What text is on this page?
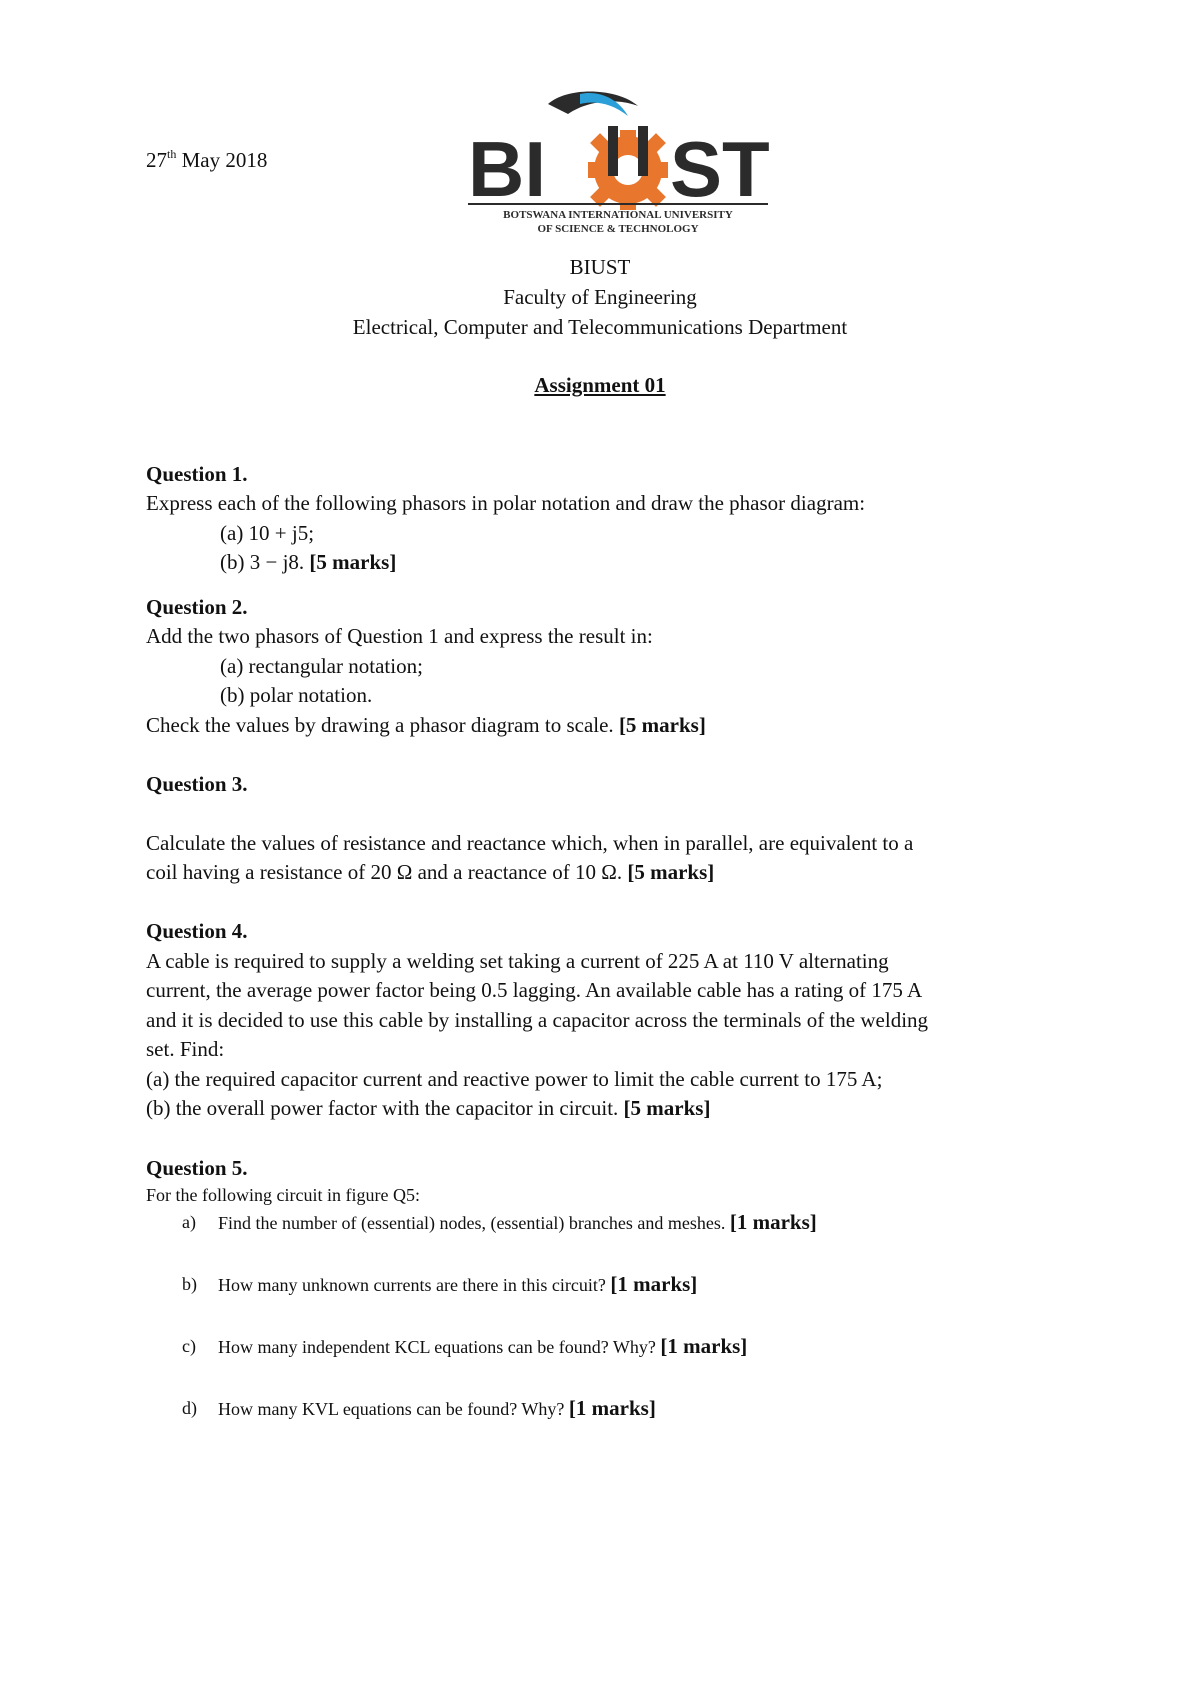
27th May 2018	BI ST
BOTSWANA INTERNATIONAL UNIVERSITY
OF SCIENCE & TECHNOLOGY
BIUST
Faculty of Engineering
Electrical, Computer and Telecommunications Department
Assignment 01
Question 1.
Express each of the following phasors in polar notation and draw the phasor diagram:
(a) 10 + j5;
(b) 3 − j8. [5 marks]
Question 2.
Add the two phasors of Question 1 and express the result in:
(a) rectangular notation;
(b) polar notation.
Check the values by drawing a phasor diagram to scale. [5 marks]
Question 3.
Calculate the values of resistance and reactance which, when in parallel, are equivalent to a
coil having a resistance of 20 Ω and a reactance of 10 Ω. [5 marks]
Question 4.
A cable is required to supply a welding set taking a current of 225 A at 110 V alternating
current, the average power factor being 0.5 lagging. An available cable has a rating of 175 A
and it is decided to use this cable by installing a capacitor across the terminals of the welding
set. Find:
(a) the required capacitor current and reactive power to limit the cable current to 175 A;
(b) the overall power factor with the capacitor in circuit. [5 marks]
Question 5.
For the following circuit in figure Q5:
a) Find the number of (essential) nodes, (essential) branches and meshes. [1 marks]
b) How many unknown currents are there in this circuit? [1 marks]
c) How many independent KCL equations can be found? Why? [1 marks]
d) How many KVL equations can be found? Why? [1 marks]
